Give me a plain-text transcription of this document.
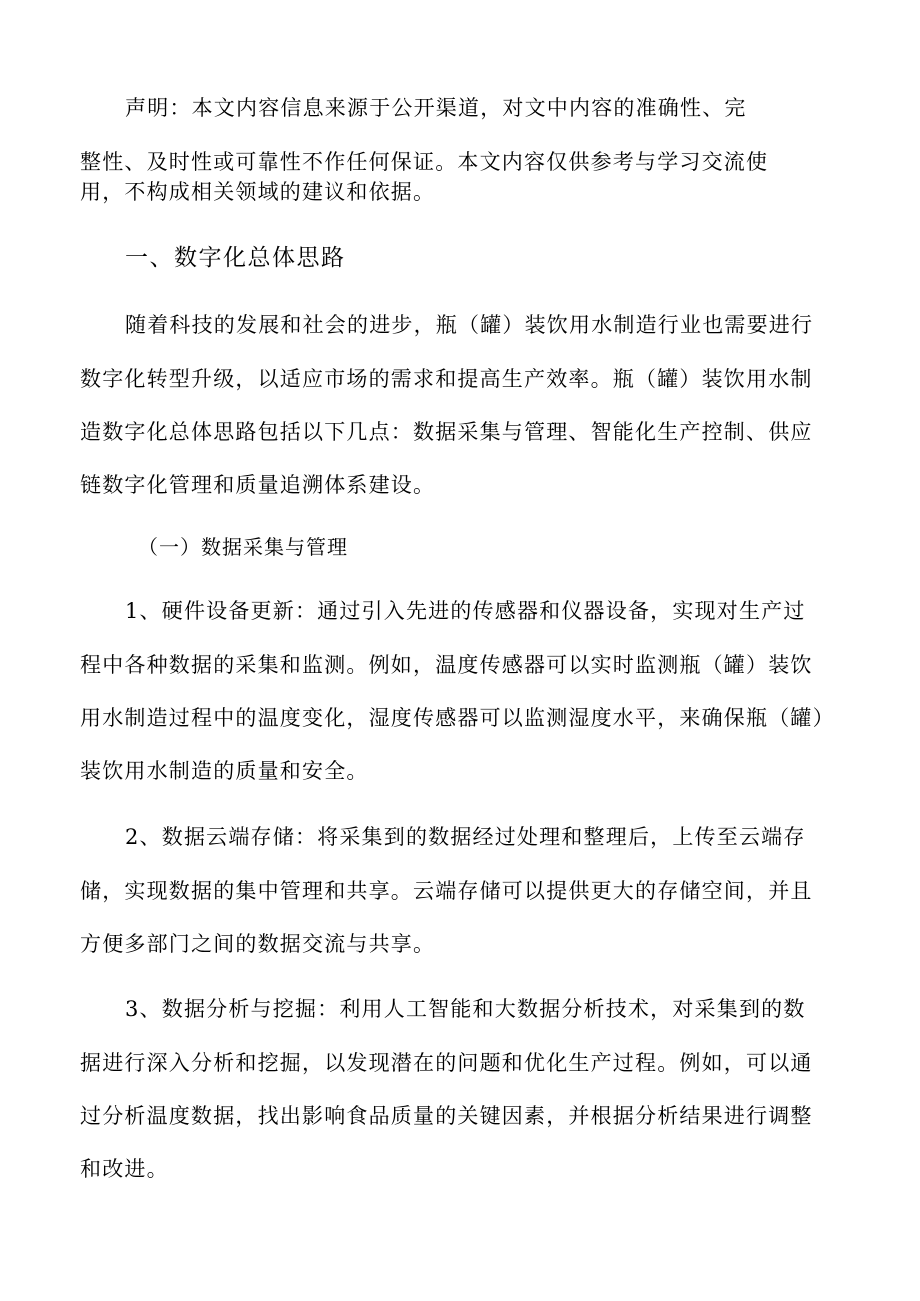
声明：本文内容信息来源于公开渠道，对文中内容的准确性、完
整性、及时性或可靠性不作任何保证。本文内容仅供参考与学习交流使
用，不构成相关领域的建议和依据。
一、数字化总体思路
随着科技的发展和社会的进步，瓶（罐）装饮用水制造行业也需要进行
数字化转型升级，以适应市场的需求和提高生产效率。瓶（罐）装饮用水制
造数字化总体思路包括以下几点：数据采集与管理、智能化生产控制、供应
链数字化管理和质量追溯体系建设。
（一）数据采集与管理
1、硬件设备更新：通过引入先进的传感器和仪器设备，实现对生产过
程中各种数据的采集和监测。例如，温度传感器可以实时监测瓶（罐）装饮
用水制造过程中的温度变化，湿度传感器可以监测湿度水平，来确保瓶（罐）
装饮用水制造的质量和安全。
2、数据云端存储：将采集到的数据经过处理和整理后，上传至云端存
储，实现数据的集中管理和共享。云端存储可以提供更大的存储空间，并且
方便多部门之间的数据交流与共享。
3、数据分析与挖掘：利用人工智能和大数据分析技术，对采集到的数
据进行深入分析和挖掘，以发现潜在的问题和优化生产过程。例如，可以通
过分析温度数据，找出影响食品质量的关键因素，并根据分析结果进行调整
和改进。
